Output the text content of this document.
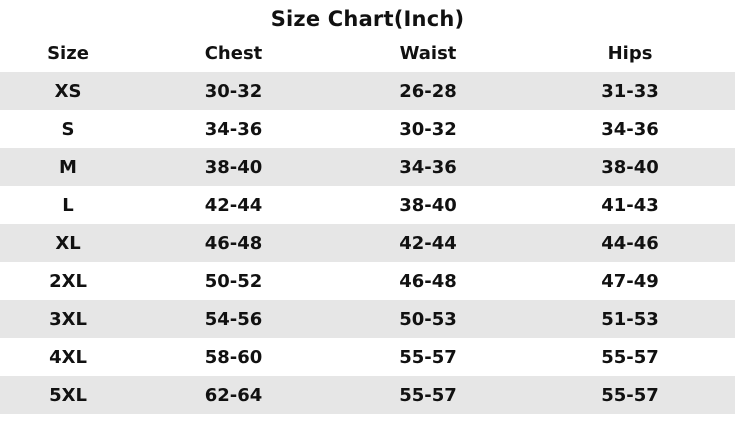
Size Chart(Inch)
Size	Chest	Waist	Hips
XS	30-32	26-28	31-33
S	34-36	30-32	34-36
M	38-40	34-36	38-40
L	42-44	38-40	41-43
XL	46-48	42-44	44-46
2XL	50-52	46-48	47-49
3XL	54-56	50-53	51-53
4XL	58-60	55-57	55-57
5XL	62-64	55-57	55-57
